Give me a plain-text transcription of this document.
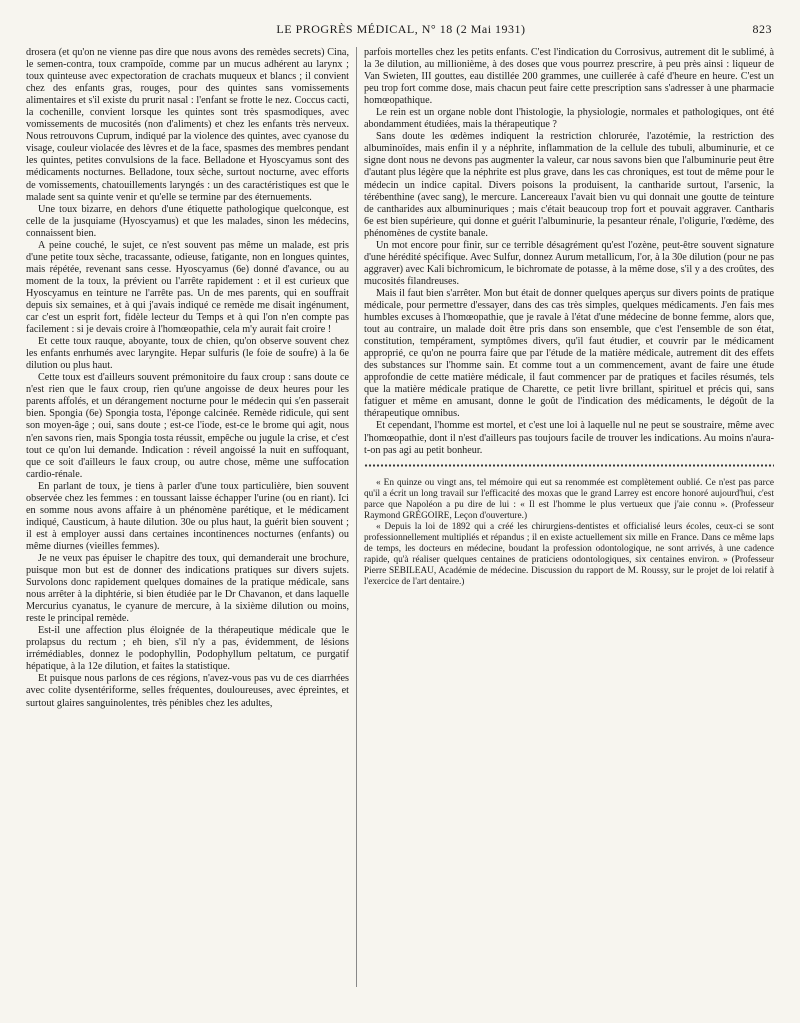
LE PROGRÈS MÉDICAL, N° 18 (2 Mai 1931)	823

drosera (et qu'on ne vienne pas dire que nous avons des remèdes secrets) Cina, le semen-contra, toux crampoïde, comme par un mucus adhérent au larynx ; toux quinteuse avec expectoration de crachats muqueux et blancs ; il convient chez des enfants gras, rouges, pour des quintes sans vomissements alimentaires et s'il existe du prurit nasal : l'enfant se frotte le nez. Coccus cacti, la cochenille, convient lorsque les quintes sont très spasmodiques, avec vomissements de mucosités (non d'aliments) et chez les enfants très nerveux. Nous retrouvons Cuprum, indiqué par la violence des quintes, avec cyanose du visage, couleur violacée des lèvres et de la face, spasmes des membres pendant les quintes, petites convulsions de la face. Belladone et Hyoscyamus sont des médicaments nocturnes. Belladone, toux sèche, surtout nocturne, avec efforts de vomissements, chatouillements laryngés : un des caractéristiques est que le malade sent sa quinte venir et qu'elle se termine par des éternuements.

Une toux bizarre, en dehors d'une étiquette pathologique quelconque, est celle de la jusquiame (Hyoscyamus) et que les malades, sinon les médecins, connaissent bien.

A peine couché, le sujet, ce n'est souvent pas même un malade, est pris d'une petite toux sèche, tracassante, odieuse, fatigante, non en longues quintes, mais répétée, revenant sans cesse. Hyoscyamus (6e) donné d'avance, ou au moment de la toux, la prévient ou l'arrête rapidement : et il est curieux que Hyoscyamus en teinture ne l'arrête pas. Un de mes parents, qui en souffrait depuis six semaines, et à qui j'avais indiqué ce remède me disait ingénument, car c'est un esprit fort, fidèle lecteur du Temps et à qui l'on n'en compte pas facilement : si je devais croire à l'homœopathie, cela m'y aurait fait croire !

Et cette toux rauque, aboyante, toux de chien, qu'on observe souvent chez les enfants enrhumés avec laryngite. Hepar sulfuris (le foie de soufre) à la 6e dilution ou plus haut.

Cette toux est d'ailleurs souvent prémonitoire du faux croup : sans doute ce n'est rien que le faux croup, rien qu'une angoisse de deux heures pour les parents affolés, et un dérangement nocturne pour le médecin qui s'en passerait bien. Spongia (6e) Spongia tosta, l'éponge calcinée. Remède ridicule, qui sent son moyen-âge ; oui, sans doute ; est-ce l'iode, est-ce le brome qui agit, nous n'en savons rien, mais Spongia tosta réussit, empêche ou jugule la crise, et c'est tout ce qu'on lui demande. Indication : réveil angoissé la nuit en suffoquant, que ce soit d'ailleurs le faux croup, ou autre chose, même une suffocation cardio-rénale.

En parlant de toux, je tiens à parler d'une toux particulière, bien souvent observée chez les femmes : en toussant laisse échapper l'urine (ou en riant). Ici en somme nous avons affaire à un phénomène parétique, et le médicament indiqué, Causticum, à haute dilution. 30e ou plus haut, la guérit bien souvent ; il est à employer aussi dans certaines incontinences nocturnes (enfants) ou même diurnes (vieilles femmes).

Je ne veux pas épuiser le chapitre des toux, qui demanderait une brochure, puisque mon but est de donner des indications pratiques sur divers sujets. Survolons donc rapidement quelques domaines de la pratique médicale, sans nous arrêter à la diphtérie, si bien étudiée par le Dr Chavanon, et dans laquelle Mercurius cyanatus, le cyanure de mercure, à la sixième dilution ou moins, reste le principal remède.

Est-il une affection plus éloignée de la thérapeutique médicale que le prolapsus du rectum ; eh bien, s'il n'y a pas, évidemment, de lésions irrémédiables, donnez le podophyllin, Podophyllum peltatum, ce purgatif hépatique, à la 12e dilution, et faites la statistique.

Et puisque nous parlons de ces régions, n'avez-vous pas vu de ces diarrhées avec colite dysentériforme, selles fréquentes, douloureuses, avec épreintes, et surtout glaires sanguinolentes, très pénibles chez les adultes,

parfois mortelles chez les petits enfants. C'est l'indication du Corrosivus, autrement dit le sublimé, à la 3e dilution, au millionième, à des doses que vous pourrez prescrire, à peu près ainsi : liqueur de Van Swieten, III gouttes, eau distillée 200 grammes, une cuillerée à café d'heure en heure. C'est un peu trop fort comme dose, mais chacun peut faire cette prescription sans s'adresser à une pharmacie homœopathique.

Le rein est un organe noble dont l'histologie, la physiologie, normales et pathologiques, ont été abondamment étudiées, mais la thérapeutique ?

Sans doute les œdèmes indiquent la restriction chlorurée, l'azotémie, la restriction des albuminoïdes, mais enfin il y a néphrite, inflammation de la cellule des tubuli, albuminurie, et ce signe dont nous ne devons pas augmenter la valeur, car nous savons bien que l'albuminurie peut être d'autant plus légère que la néphrite est plus grave, dans les cas chroniques, est tout de même pour le médecin un indice capital. Divers poisons la produisent, la cantharide surtout, l'arsenic, la térébenthine (avec sang), le mercure. Lancereaux l'avait bien vu qui donnait une goutte de teinture de cantharides aux albuminuriques ; mais c'était beaucoup trop fort et pouvait aggraver. Cantharis 6e est bien supérieure, qui donne et guérit l'albuminurie, la pesanteur rénale, l'oligurie, l'œdème, des phénomènes de cystite banale.

Un mot encore pour finir, sur ce terrible désagrément qu'est l'ozène, peut-être souvent signature d'une hérédité spécifique. Avec Sulfur, donnez Aurum metallicum, l'or, à la 30e dilution (pour ne pas aggraver) avec Kali bichromicum, le bichromate de potasse, à la même dose, s'il y a des croûtes, des mucosités filandreuses.

Mais il faut bien s'arrêter. Mon but était de donner quelques aperçus sur divers points de pratique médicale, pour permettre d'essayer, dans des cas très simples, quelques médicaments. J'en fais mes humbles excuses à l'homœopathie, que je ravale à l'état d'une médecine de bonne femme, alors que, tout au contraire, un malade doit être pris dans son ensemble, que c'est l'ensemble de son état, constitution, tempérament, symptômes divers, qu'il faut étudier, et couvrir par le médicament approprié, ce qu'on ne pourra faire que par l'étude de la matière médicale, autrement dit des effets des substances sur l'homme sain. Et comme tout a un commencement, avant de faire une étude approfondie de cette matière médicale, il faut commencer par de pratiques et faciles résumés, tels que la matière médicale pratique de Charette, ce petit livre brillant, spirituel et précis qui, sans fatiguer et même en amusant, donne le goût de l'indication des médicaments, le dégoût de la thérapeutique omnibus.

Et cependant, l'homme est mortel, et c'est une loi à laquelle nul ne peut se soustraire, même avec l'homœopathie, dont il n'est d'ailleurs pas toujours facile de trouver les indications. Au moins n'aura-t-on pas agi au petit bonheur.

« En quinze ou vingt ans, tel mémoire qui eut sa renommée est complètement oublié. Ce n'est pas parce qu'il a écrit un long travail sur l'efficacité des moxas que le grand Larrey est encore honoré aujourd'hui, c'est parce que Napoléon a pu dire de lui : « Il est l'homme le plus vertueux que j'aie connu ». (Professeur Raymond GRÉGOIRE, Leçon d'ouverture.)

« Depuis la loi de 1892 qui a créé les chirurgiens-dentistes et officialisé leurs écoles, ceux-ci se sont professionnellement multipliés et répandus ; il en existe actuellement six mille en France. Dans ce même laps de temps, les docteurs en médecine, boudant la profession odontologique, ne sont arrivés, à une cadence rapide, qu'à réaliser quelques centaines de praticiens odontologiques, six centaines environ. » (Professeur Pierre SEBILEAU, Académie de médecine. Discussion du rapport de M. Roussy, sur le projet de loi relatif à l'exercice de l'art dentaire.)
